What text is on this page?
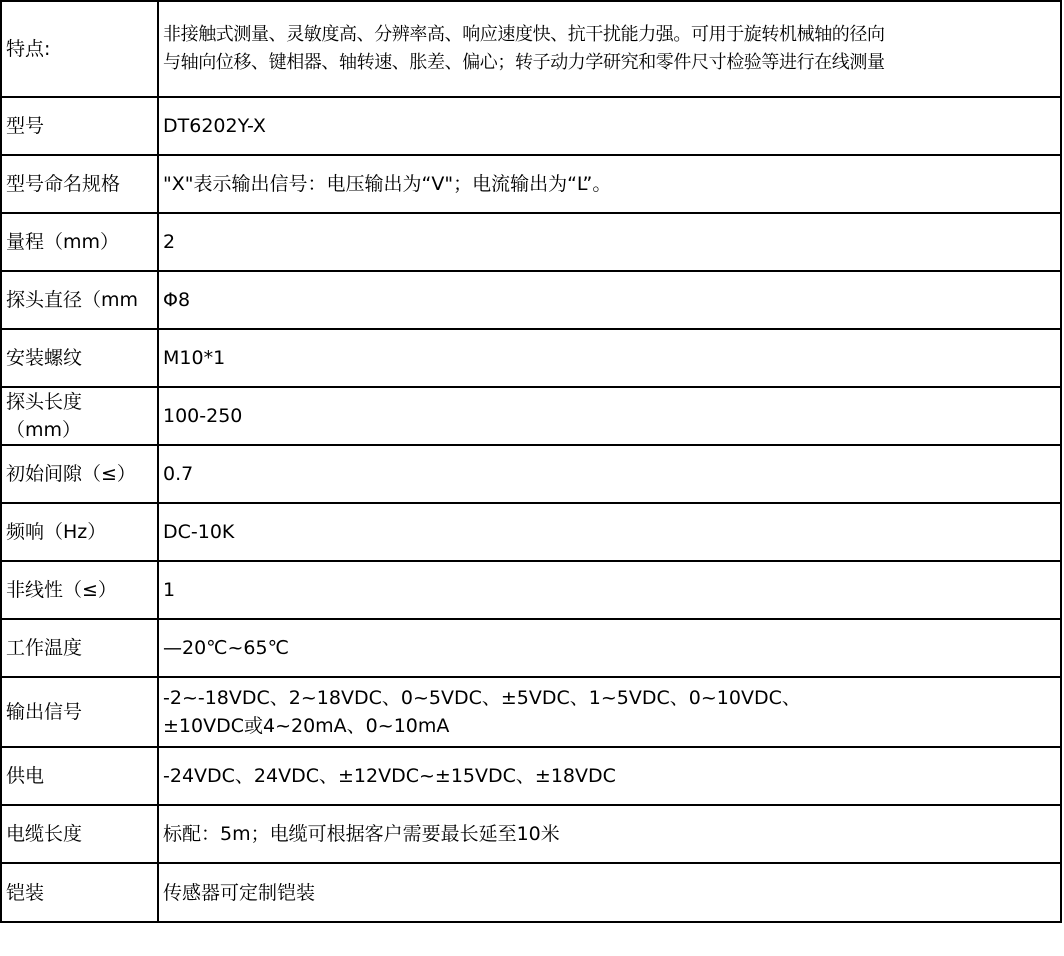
特点:	非接触式测量、灵敏度高、分辨率高、响应速度快、抗干扰能力强。可用于旋转机械轴的径向
与轴向位移、键相器、轴转速、胀差、偏心；转子动力学研究和零件尺寸检验等进行在线测量
型号	DT6202Y-X
型号命名规格	"X"表示输出信号：电压输出为“V"；电流输出为“L”。
量程（mm）	2
探头直径（mm	Φ8
安装螺纹	M10*1
探头长度
（mm）	100-250
初始间隙（≤）	0.7
频响（Hz）	DC-10K
非线性（≤）	1
工作温度	—20℃~65℃
输出信号	-2~-18VDC、2~18VDC、0~5VDC、±5VDC、1~5VDC、0~10VDC、
±10VDC或4~20mA、0~10mA
供电	-24VDC、24VDC、±12VDC~±15VDC、±18VDC
电缆长度	标配：5m；电缆可根据客户需要最长延至10米
铠装	传感器可定制铠装
